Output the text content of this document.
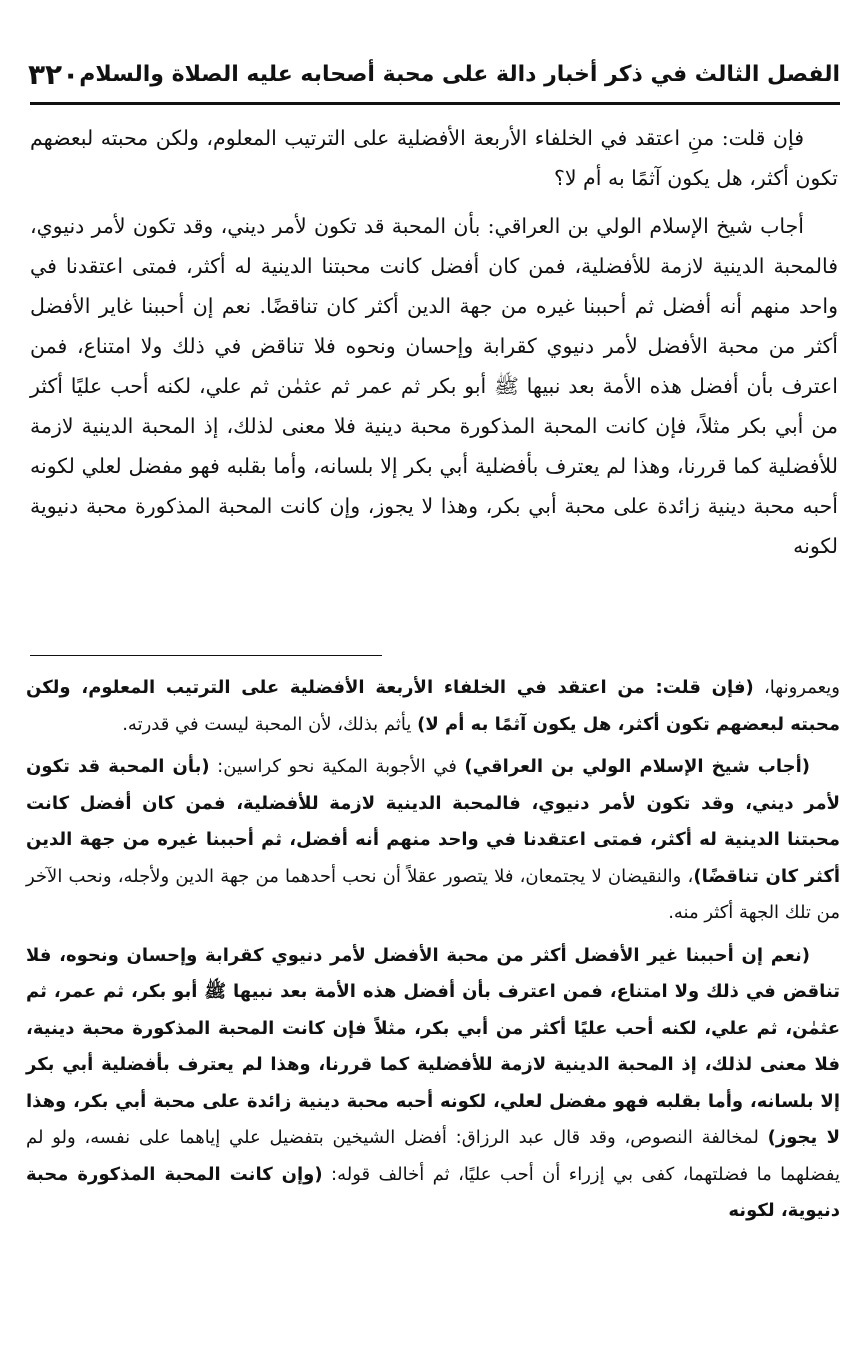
الفصل الثالث في ذكر أخبار دالة على محبة أصحابه عليه الصلاة والسلام
٣٢٠

فإن قلت: منِ اعتقد في الخلفاء الأربعة الأفضلية على الترتيب المعلوم، ولكن محبته لبعضهم تكون أكثر، هل يكون آثمًا به أم لا؟

أجاب شيخ الإسلام الولي بن العراقي: بأن المحبة قد تكون لأمر ديني، وقد تكون لأمر دنيوي، فالمحبة الدينية لازمة للأفضلية، فمن كان أفضل كانت محبتنا الدينية له أكثر، فمتى اعتقدنا في واحد منهم أنه أفضل ثم أحببنا غيره من جهة الدين أكثر كان تناقضًا. نعم إن أحببنا غاير الأفضل أكثر من محبة الأفضل لأمر دنيوي كقرابة وإحسان ونحوه فلا تناقض في ذلك ولا امتناع، فمن اعترف بأن أفضل هذه الأمة بعد نبيها ﷺ أبو بكر ثم عمر ثم عثمٰن ثم علي، لكنه أحب عليًا أكثر من أبي بكر مثلاً، فإن كانت المحبة المذكورة محبة دينية فلا معنى لذلك، إذ المحبة الدينية لازمة للأفضلية كما قررنا، وهذا لم يعترف بأفضلية أبي بكر إلا بلسانه، وأما بقلبه فهو مفضل لعلي لكونه أحبه محبة دينية زائدة على محبة أبي بكر، وهذا لا يجوز، وإن كانت المحبة المذكورة محبة دنيوية لكونه

ويعمرونها، (فإن قلت: من اعتقد في الخلفاء الأربعة الأفضلية على الترتيب المعلوم، ولكن محبته لبعضهم تكون أكثر، هل يكون آثمًا به أم لا) يأثم بذلك، لأن المحبة ليست في قدرته.

(أجاب شيخ الإسلام الولي بن العراقي) في الأجوبة المكية نحو كراسين: (بأن المحبة قد تكون لأمر ديني، وقد تكون لأمر دنيوي، فالمحبة الدينية لازمة للأفضلية، فمن كان أفضل كانت محبتنا الدينية له أكثر، فمتى اعتقدنا في واحد منهم أنه أفضل، ثم أحببنا غيره من جهة الدين أكثر كان تناقضًا)، والنقيضان لا يجتمعان، فلا يتصور عقلاً أن نحب أحدهما من جهة الدين ولأجله، ونحب الآخر من تلك الجهة أكثر منه.

(نعم إن أحببنا غير الأفضل أكثر من محبة الأفضل لأمر دنيوي كقرابة وإحسان ونحوه، فلا تناقض في ذلك ولا امتناع، فمن اعترف بأن أفضل هذه الأمة بعد نبيها ﷺ أبو بكر، ثم عمر، ثم عثمٰن، ثم علي، لكنه أحب عليًا أكثر من أبي بكر، مثلاً فإن كانت المحبة المذكورة محبة دينية، فلا معنى لذلك، إذ المحبة الدينية لازمة للأفضلية كما قررنا، وهذا لم يعترف بأفضلية أبي بكر إلا بلسانه، وأما بقلبه فهو مفضل لعلي، لكونه أحبه محبة دينية زائدة على محبة أبي بكر، وهذا لا يجوز) لمخالفة النصوص، وقد قال عبد الرزاق: أفضل الشيخين بتفضيل علي إياهما على نفسه، ولو لم يفضلهما ما فضلتهما، كفى بي إزراء أن أحب عليًا، ثم أخالف قوله: (وإن كانت المحبة المذكورة محبة دنيوية، لكونه
